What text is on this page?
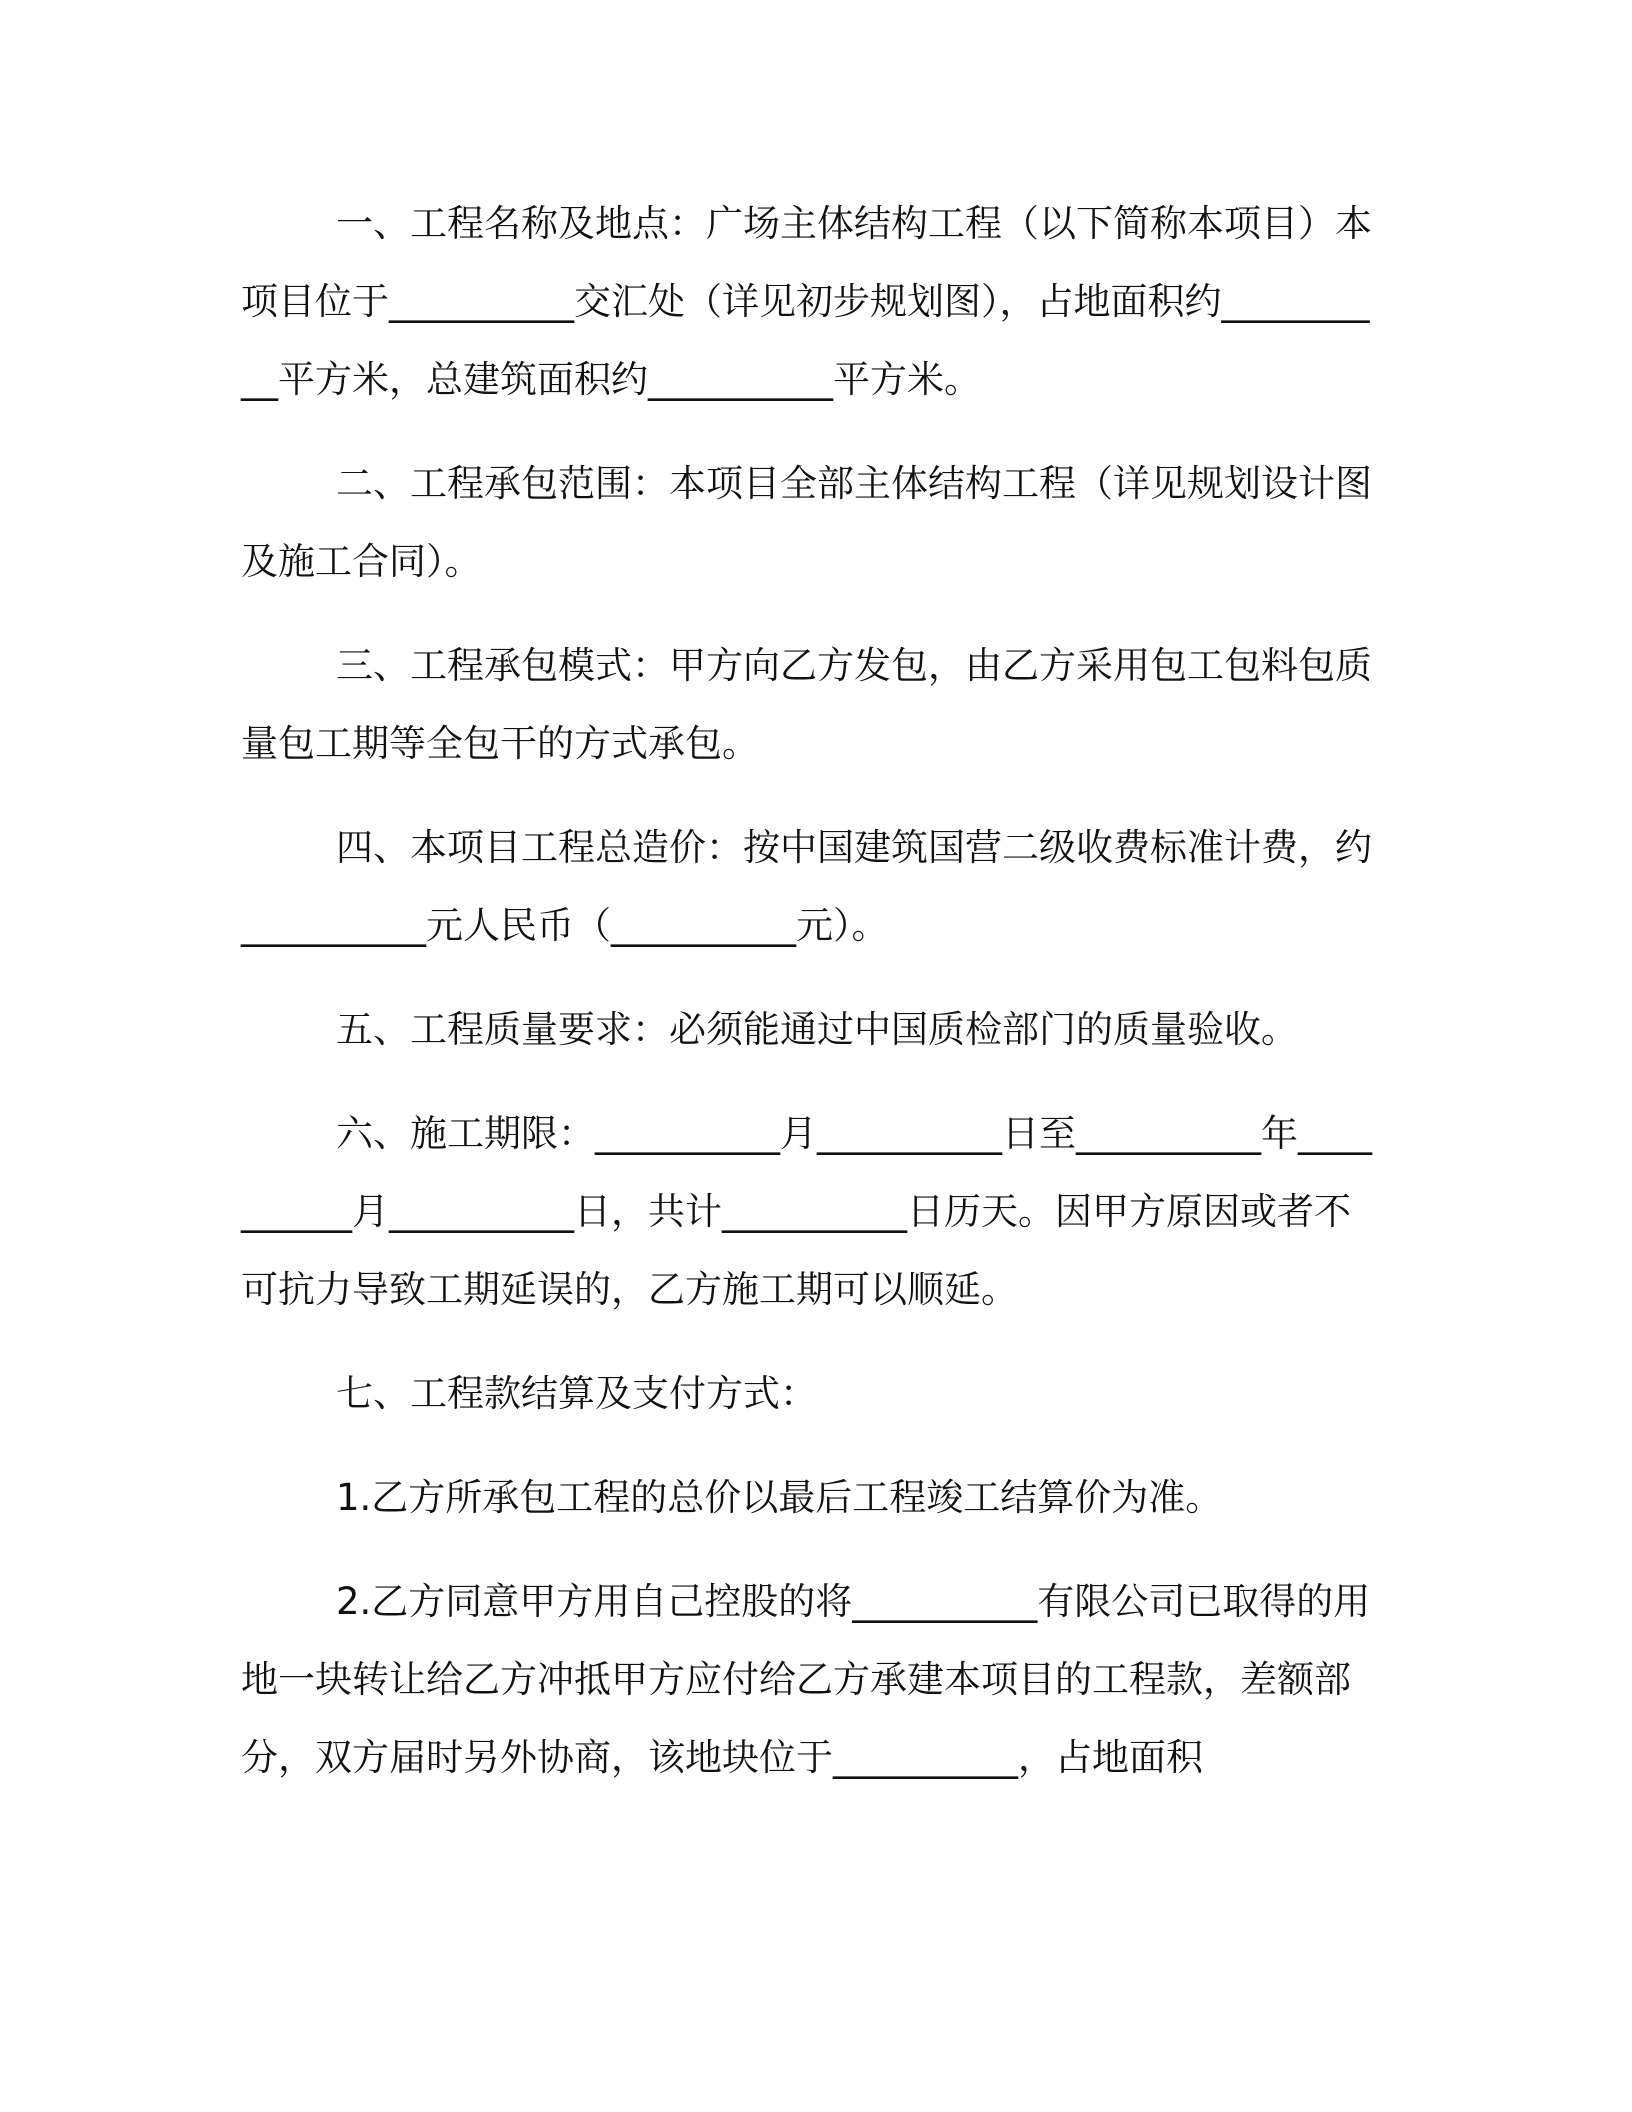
一、工程名称及地点：广场主体结构工程（以下简称本项目）本项目位于__________交汇处（详见初步规划图），占地面积约__________平方米，总建筑面积约__________平方米。

二、工程承包范围：本项目全部主体结构工程（详见规划设计图及施工合同）。

三、工程承包模式：甲方向乙方发包，由乙方采用包工包料包质量包工期等全包干的方式承包。

四、本项目工程总造价：按中国建筑国营二级收费标准计费，约__________元人民币（__________元）。

五、工程质量要求：必须能通过中国质检部门的质量验收。

六、施工期限：__________月__________日至__________年__________月__________日，共计__________日历天。因甲方原因或者不可抗力导致工期延误的，乙方施工期可以顺延。

七、工程款结算及支付方式：

1.乙方所承包工程的总价以最后工程竣工结算价为准。

2.乙方同意甲方用自己控股的将__________有限公司已取得的用地一块转让给乙方冲抵甲方应付给乙方承建本项目的工程款，差额部分，双方届时另外协商，该地块位于__________，占地面积
